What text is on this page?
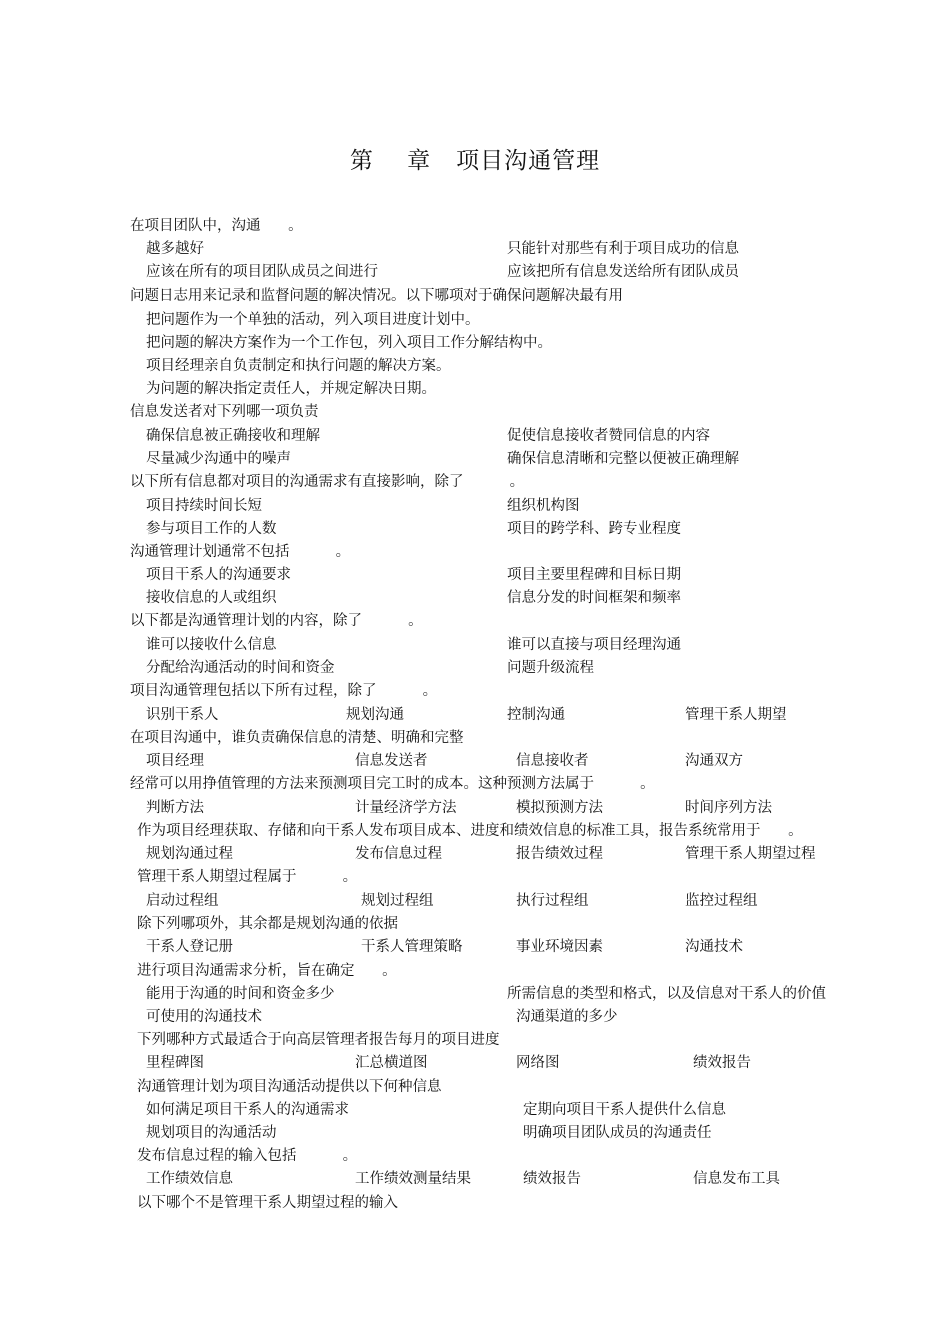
第    章   项目沟通管理
在项目团队中，沟通      。
越多越好	只能针对那些有利于项目成功的信息
应该在所有的项目团队成员之间进行	应该把所有信息发送给所有团队成员
问题日志用来记录和监督问题的解决情况。以下哪项对于确保问题解决最有用
把问题作为一个单独的活动，列入项目进度计划中。
把问题的解决方案作为一个工作包，列入项目工作分解结构中。
项目经理亲自负责制定和执行问题的解决方案。
为问题的解决指定责任人，并规定解决日期。
信息发送者对下列哪一项负责
确保信息被正确接收和理解	促使信息接收者赞同信息的内容
尽量减少沟通中的噪声	确保信息清晰和完整以便被正确理解
以下所有信息都对项目的沟通需求有直接影响，除了          。
项目持续时间长短	组织机构图
参与项目工作的人数	项目的跨学科、跨专业程度
沟通管理计划通常不包括          。
项目干系人的沟通要求	项目主要里程碑和目标日期
接收信息的人或组织	信息分发的时间框架和频率
以下都是沟通管理计划的内容，除了          。
谁可以接收什么信息	谁可以直接与项目经理沟通
分配给沟通活动的时间和资金	问题升级流程
项目沟通管理包括以下所有过程，除了          。
识别干系人	规划沟通	控制沟通	管理干系人期望
在项目沟通中，谁负责确保信息的清楚、明确和完整
项目经理	信息发送者	信息接收者	沟通双方
经常可以用挣值管理的方法来预测项目完工时的成本。这种预测方法属于          。
判断方法	计量经济学方法	模拟预测方法	时间序列方法
作为项目经理获取、存储和向干系人发布项目成本、进度和绩效信息的标准工具，报告系统常用于      。
规划沟通过程	发布信息过程	报告绩效过程	管理干系人期望过程
管理干系人期望过程属于          。
启动过程组	规划过程组	执行过程组	监控过程组
除下列哪项外，其余都是规划沟通的依据
干系人登记册	干系人管理策略	事业环境因素	沟通技术
进行项目沟通需求分析，旨在确定      。
能用于沟通的时间和资金多少	所需信息的类型和格式，以及信息对干系人的价值
可使用的沟通技术	沟通渠道的多少
下列哪种方式最适合于向高层管理者报告每月的项目进度
里程碑图	汇总横道图	网络图	绩效报告
沟通管理计划为项目沟通活动提供以下何种信息
如何满足项目干系人的沟通需求	定期向项目干系人提供什么信息
规划项目的沟通活动	明确项目团队成员的沟通责任
发布信息过程的输入包括          。
工作绩效信息	工作绩效测量结果	绩效报告	信息发布工具
以下哪个不是管理干系人期望过程的输入
